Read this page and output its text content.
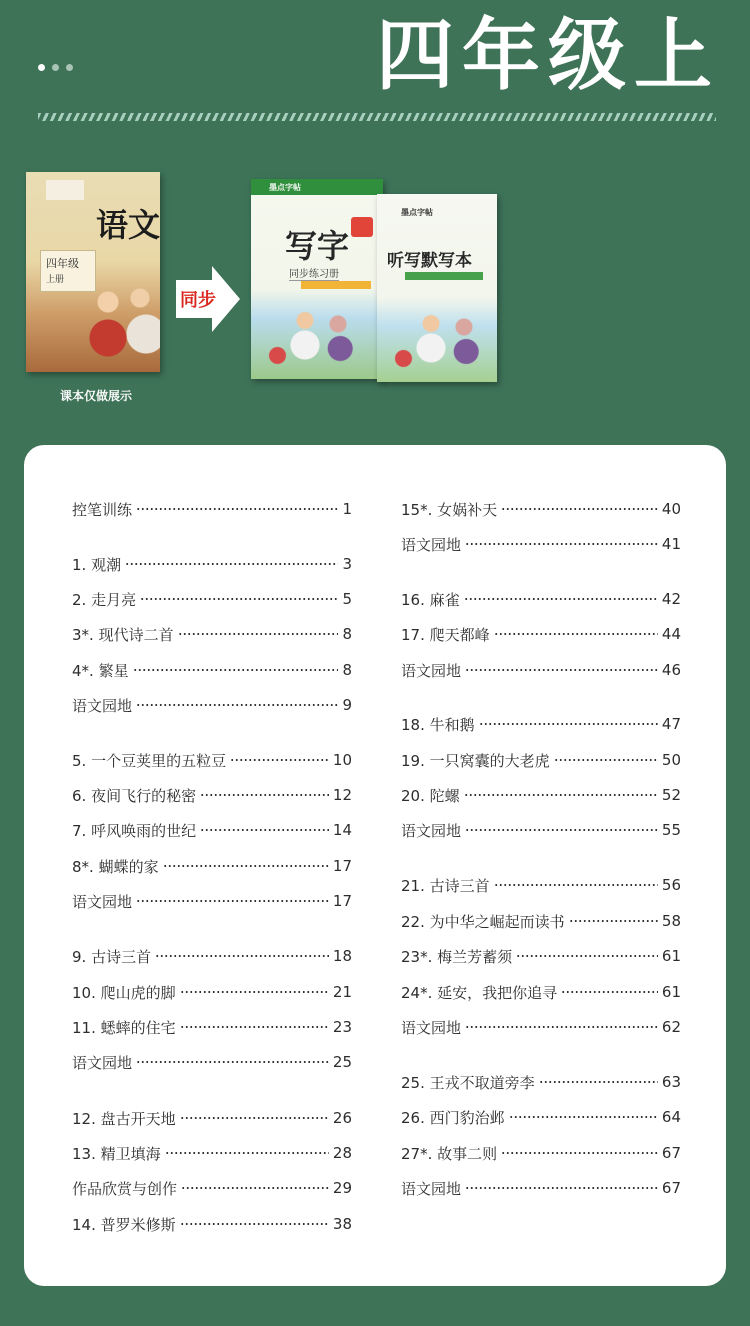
四年级上
语文
四年级
上册
课本仅做展示
同步
墨点字帖
写字
同步练习册
墨点字帖
听写默写本
控笔训练	1
1. 观潮	3
2. 走月亮	5
3*. 现代诗二首	8
4*. 繁星	8
语文园地	9
5. 一个豆荚里的五粒豆	10
6. 夜间飞行的秘密	12
7. 呼风唤雨的世纪	14
8*. 蝴蝶的家	17
语文园地	17
9. 古诗三首	18
10. 爬山虎的脚	21
11. 蟋蟀的住宅	23
语文园地	25
12. 盘古开天地	26
13. 精卫填海	28
作品欣赏与创作	29
14. 普罗米修斯	38
15*. 女娲补天	40
语文园地	41
16. 麻雀	42
17. 爬天都峰	44
语文园地	46
18. 牛和鹅	47
19. 一只窝囊的大老虎	50
20. 陀螺	52
语文园地	55
21. 古诗三首	56
22. 为中华之崛起而读书	58
23*. 梅兰芳蓄须	61
24*. 延安，我把你追寻	61
语文园地	62
25. 王戎不取道旁李	63
26. 西门豹治邺	64
27*. 故事二则	67
语文园地	67
